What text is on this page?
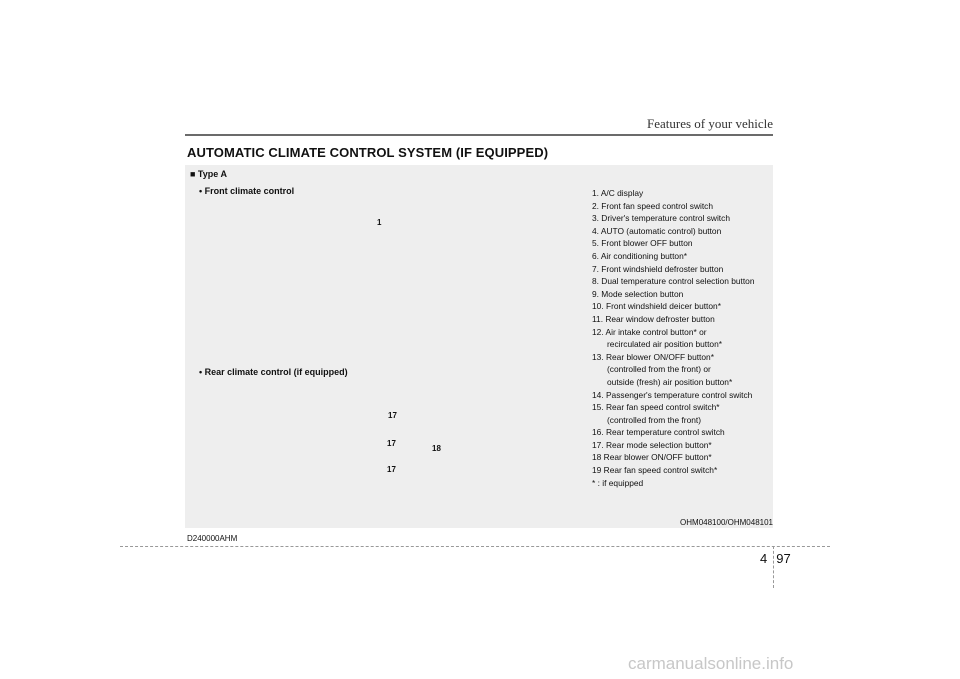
Features of your vehicle
AUTOMATIC CLIMATE CONTROL SYSTEM (IF EQUIPPED)
■ Type A
• Front climate control
• Rear climate control (if equipped)
1
17
17
18
17
1. A/C display
2. Front fan speed control switch
3. Driver's temperature control switch
4. AUTO (automatic control) button
5. Front blower OFF button
6. Air conditioning button*
7. Front windshield defroster button
8. Dual temperature control selection button
9. Mode selection button
10. Front windshield deicer button*
11. Rear window defroster button
12. Air intake control button* or
recirculated air position button*
13. Rear blower ON/OFF button*
(controlled from the front) or
outside (fresh) air position button*
14. Passenger's temperature control switch
15. Rear fan speed control switch*
(controlled from the front)
16. Rear temperature control switch
17. Rear mode selection button*
18 Rear blower ON/OFF button*
19 Rear fan speed control switch*
* : if equipped
OHM048100/OHM048101
D240000AHM
4 97
carmanualsonline.info
